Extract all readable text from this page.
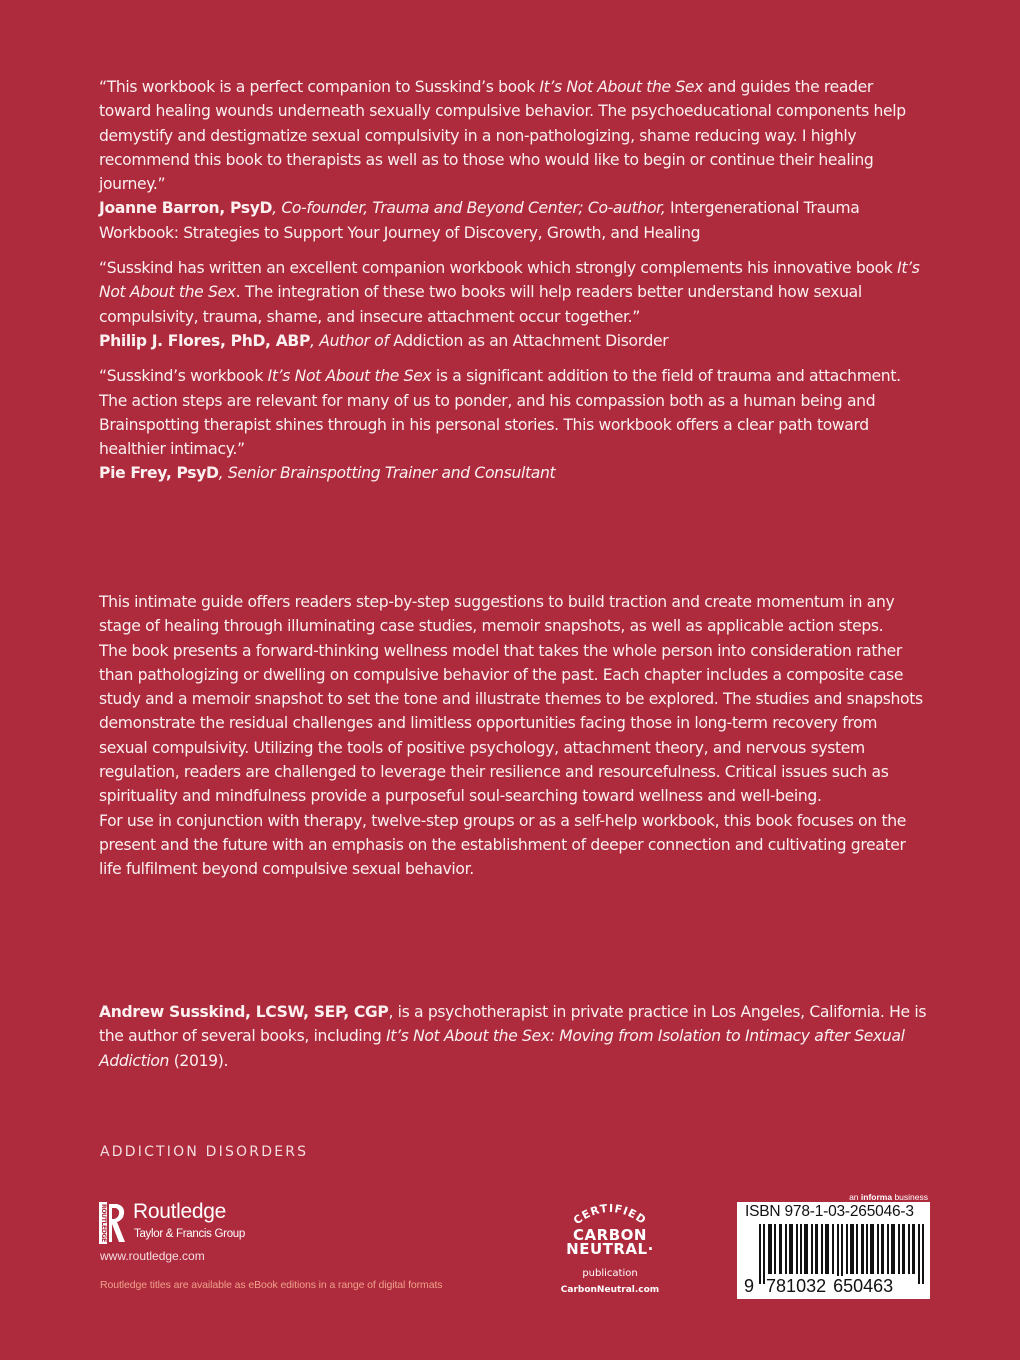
“This workbook is a perfect companion to Susskind’s book It’s Not About the Sex and guides the reader toward healing wounds underneath sexually compulsive behavior. The psychoeducational components help demystify and destigmatize sexual compulsivity in a non-pathologizing, shame reducing way. I highly recommend this book to therapists as well as to those who would like to begin or continue their healing journey.”

Joanne Barron, PsyD, Co-founder, Trauma and Beyond Center; Co-author, Intergenerational Trauma Workbook: Strategies to Support Your Journey of Discovery, Growth, and Healing

“Susskind has written an excellent companion workbook which strongly complements his innovative book It’s Not About the Sex. The integration of these two books will help readers better understand how sexual compulsivity, trauma, shame, and insecure attachment occur together.”

Philip J. Flores, PhD, ABP, Author of Addiction as an Attachment Disorder

“Susskind’s workbook It’s Not About the Sex is a significant addition to the field of trauma and attachment. The action steps are relevant for many of us to ponder, and his compassion both as a human being and Brainspotting therapist shines through in his personal stories. This workbook offers a clear path toward healthier intimacy.”

Pie Frey, PsyD, Senior Brainspotting Trainer and Consultant

This intimate guide offers readers step-by-step suggestions to build traction and create momentum in any stage of healing through illuminating case studies, memoir snapshots, as well as applicable action steps.

The book presents a forward-thinking wellness model that takes the whole person into consideration rather than pathologizing or dwelling on compulsive behavior of the past. Each chapter includes a composite case study and a memoir snapshot to set the tone and illustrate themes to be explored. The studies and snapshots demonstrate the residual challenges and limitless opportunities facing those in long-term recovery from sexual compulsivity. Utilizing the tools of positive psychology, attachment theory, and nervous system regulation, readers are challenged to leverage their resilience and resourcefulness. Critical issues such as spirituality and mindfulness provide a purposeful soul-searching toward wellness and well-being.

For use in conjunction with therapy, twelve-step groups or as a self-help workbook, this book focuses on the present and the future with an emphasis on the establishment of deeper connection and cultivating greater life fulfilment beyond compulsive sexual behavior.

Andrew Susskind, LCSW, SEP, CGP, is a psychotherapist in private practice in Los Angeles, California. He is the author of several books, including It’s Not About the Sex: Moving from Isolation to Intimacy after Sexual Addiction (2019).

ADDICTION DISORDERS
ROUTLEDGE Routledge
Taylor & Francis Group
www.routledge.com
Routledge titles are available as eBook editions in a range of digital formats
CERTIFIED
CARBON
NEUTRAL·
publication
CarbonNeutral.com
an informa business
ISBN 978-1-03-265046-3
9 781032 650463
